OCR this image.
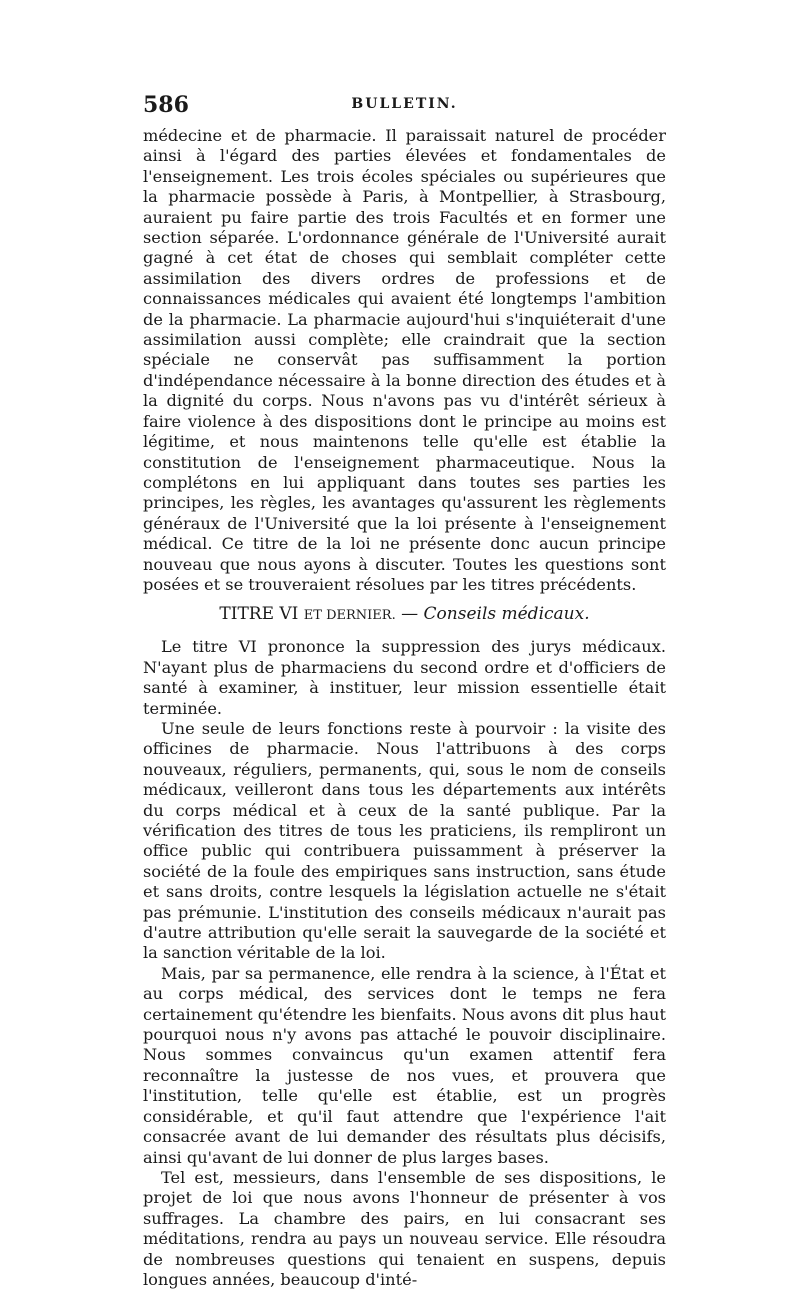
586	BULLETIN.

médecine et de pharmacie. Il paraissait naturel de procéder ainsi à l'égard des parties élevées et fondamentales de l'enseignement. Les trois écoles spéciales ou supérieures que la pharmacie possède à Paris, à Montpellier, à Strasbourg, auraient pu faire partie des trois Facultés et en former une section séparée. L'ordonnance générale de l'Université aurait gagné à cet état de choses qui semblait compléter cette assimilation des divers ordres de professions et de connaissances médicales qui avaient été longtemps l'ambition de la pharmacie. La pharmacie aujourd'hui s'inquiéterait d'une assimilation aussi complète; elle craindrait que la section spéciale ne conservât pas suffisamment la portion d'indépendance nécessaire à la bonne direction des études et à la dignité du corps. Nous n'avons pas vu d'intérêt sérieux à faire violence à des dispositions dont le principe au moins est légitime, et nous maintenons telle qu'elle est établie la constitution de l'enseignement pharmaceutique. Nous la complétons en lui appliquant dans toutes ses parties les principes, les règles, les avantages qu'assurent les règlements généraux de l'Université que la loi présente à l'enseignement médical. Ce titre de la loi ne présente donc aucun principe nouveau que nous ayons à discuter. Toutes les questions sont posées et se trouveraient résolues par les titres précédents.

TITRE VI ET DERNIER. — Conseils médicaux.

Le titre VI prononce la suppression des jurys médicaux. N'ayant plus de pharmaciens du second ordre et d'officiers de santé à examiner, à instituer, leur mission essentielle était terminée.

Une seule de leurs fonctions reste à pourvoir : la visite des officines de pharmacie. Nous l'attribuons à des corps nouveaux, réguliers, permanents, qui, sous le nom de conseils médicaux, veilleront dans tous les départements aux intérêts du corps médical et à ceux de la santé publique. Par la vérification des titres de tous les praticiens, ils rempliront un office public qui contribuera puissamment à préserver la société de la foule des empiriques sans instruction, sans étude et sans droits, contre lesquels la législation actuelle ne s'était pas prémunie. L'institution des conseils médicaux n'aurait pas d'autre attribution qu'elle serait la sauvegarde de la société et la sanction véritable de la loi.

Mais, par sa permanence, elle rendra à la science, à l'État et au corps médical, des services dont le temps ne fera certainement qu'étendre les bienfaits. Nous avons dit plus haut pourquoi nous n'y avons pas attaché le pouvoir disciplinaire. Nous sommes convaincus qu'un examen attentif fera reconnaître la justesse de nos vues, et prouvera que l'institution, telle qu'elle est établie, est un progrès considérable, et qu'il faut attendre que l'expérience l'ait consacrée avant de lui demander des résultats plus décisifs, ainsi qu'avant de lui donner de plus larges bases.

Tel est, messieurs, dans l'ensemble de ses dispositions, le projet de loi que nous avons l'honneur de présenter à vos suffrages. La chambre des pairs, en lui consacrant ses méditations, rendra au pays un nouveau service. Elle résoudra de nombreuses questions qui tenaient en suspens, depuis longues années, beaucoup d'inté-
